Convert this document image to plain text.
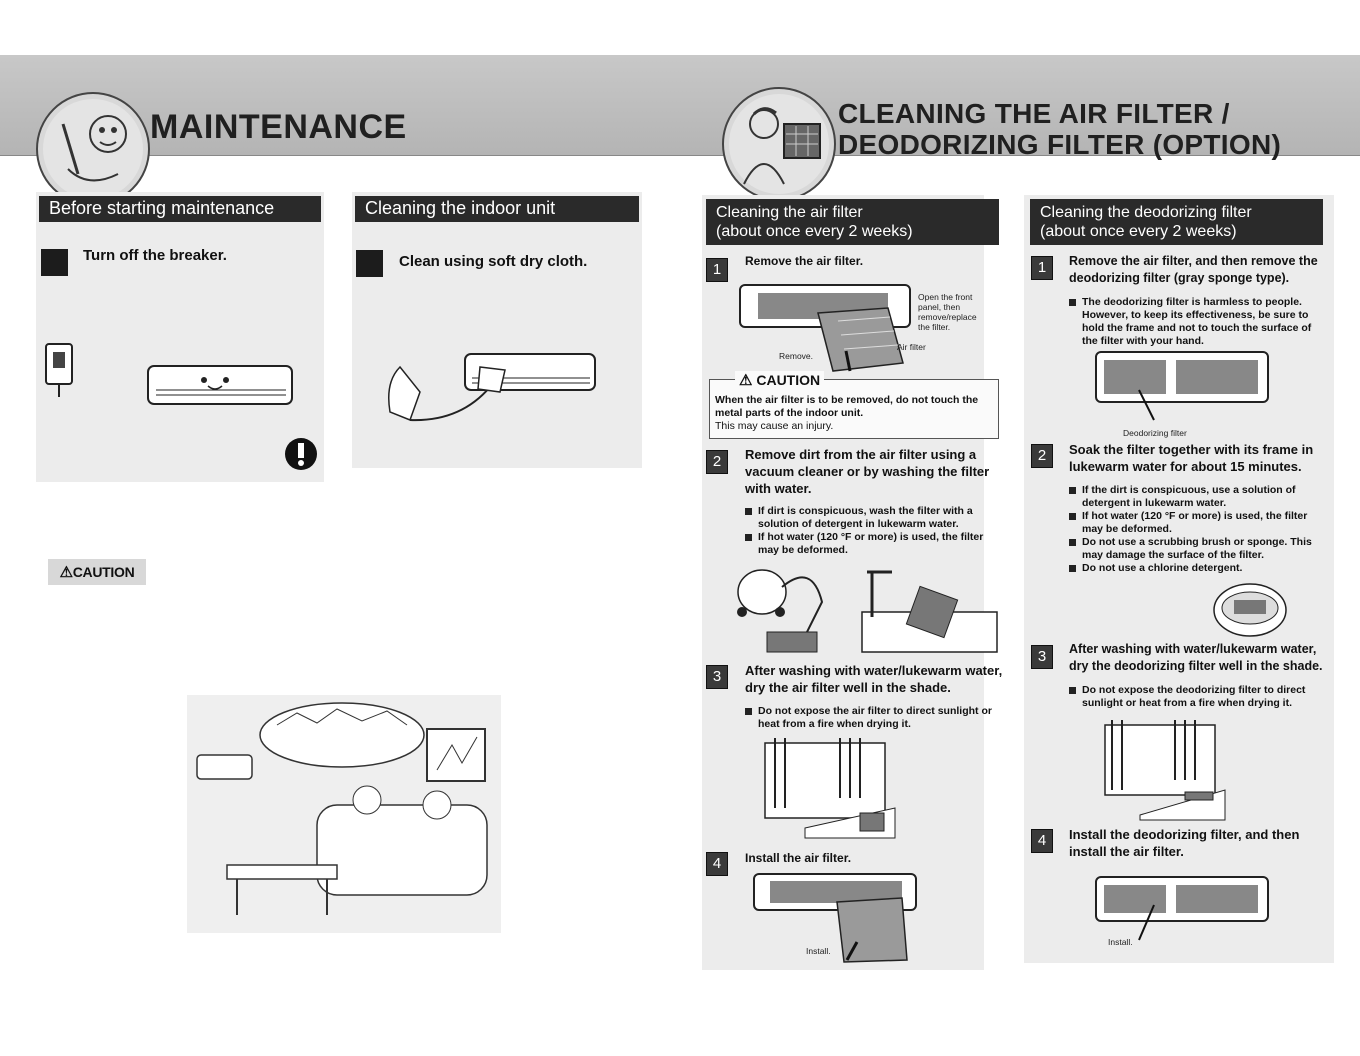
MAINTENANCE	CLEANING THE AIR FILTER /
DEODORIZING FILTER (OPTION)
Before starting maintenance
Turn off the breaker.
Cleaning the indoor unit
Clean using soft dry cloth.
⚠CAUTION
Cleaning the air filter
(about once every 2 weeks)
1	Remove the air filter.
Open the front panel, then remove/replace the filter.
Air filter
Remove.
⚠ CAUTION
When the air filter is to be removed, do not touch the metal parts of the indoor unit.
This may cause an injury.
2	Remove dirt from the air filter using a vacuum cleaner or by washing the filter with water.
If dirt is conspicuous, wash the filter with a solution of detergent in lukewarm water.
If hot water (120 °F or more) is used, the filter may be deformed.
3	After washing with water/lukewarm water, dry the air filter well in the shade.
Do not expose the air filter to direct sunlight or heat from a fire when drying it.
4	Install the air filter.
Install.
Cleaning the deodorizing filter
(about once every 2 weeks)
1	Remove the air filter, and then remove the deodorizing filter (gray sponge type).
The deodorizing filter is harmless to people. However, to keep its effectiveness, be sure to hold the frame and not to touch the surface of the filter with your hand.
Deodorizing filter
2	Soak the filter together with its frame in lukewarm water for about 15 minutes.
If the dirt is conspicuous, use a solution of detergent in lukewarm water.
If hot water (120 °F or more) is used, the filter may be deformed.
Do not use a scrubbing brush or sponge. This may damage the surface of the filter.
Do not use a chlorine detergent.
3	After washing with water/lukewarm water, dry the deodorizing filter well in the shade.
Do not expose the deodorizing filter to direct sunlight or heat from a fire when drying it.
4	Install the deodorizing filter, and then install the air filter.
Install.
